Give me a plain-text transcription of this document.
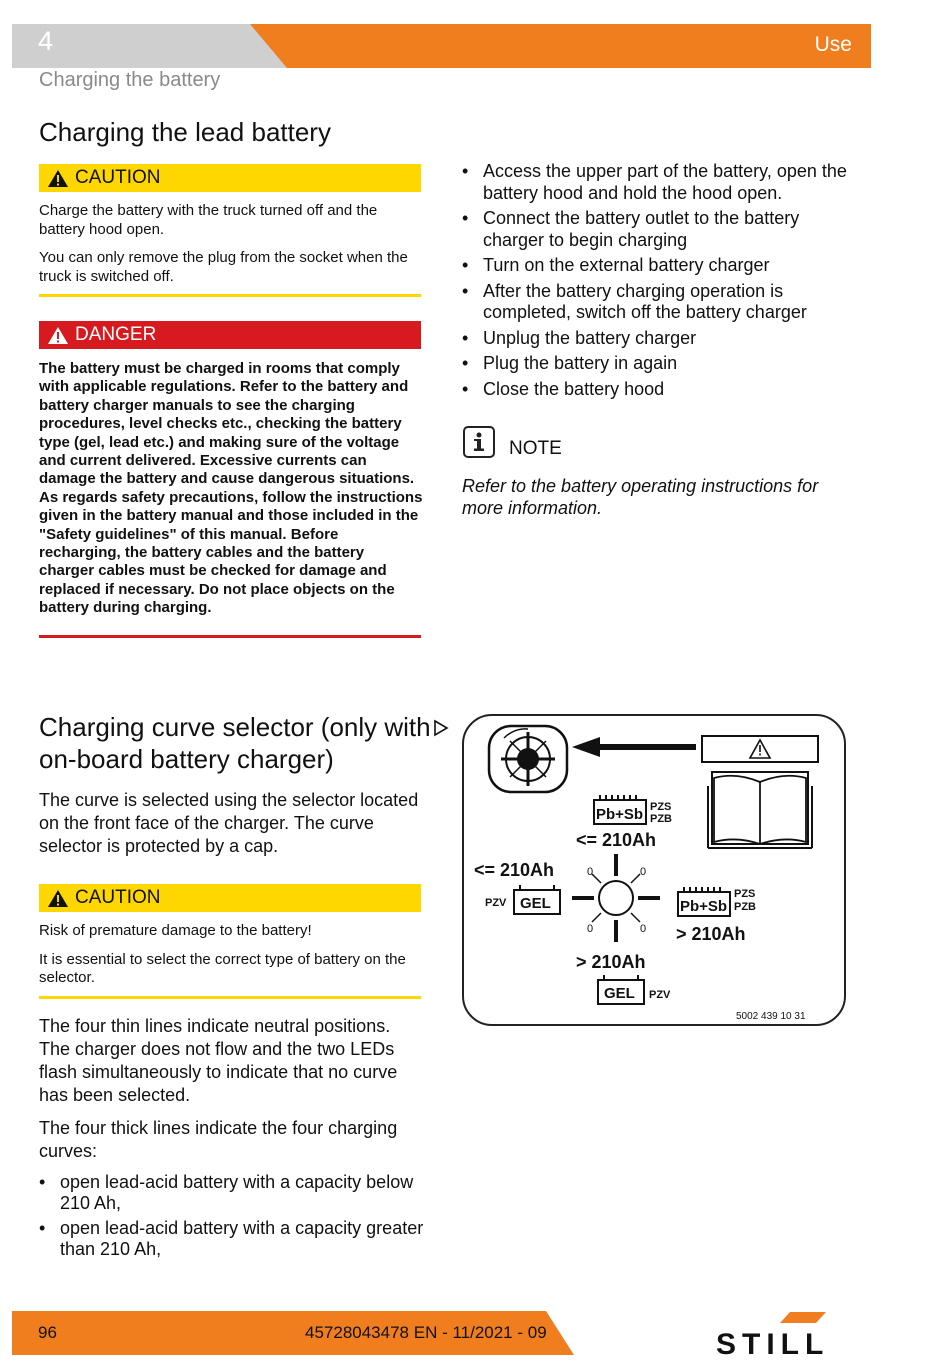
4	Use
Charging the battery
Charging the lead battery
CAUTION

Charge the battery with the truck turned off and the battery hood open.

You can only remove the plug from the socket when the truck is switched off.

DANGER
The battery must be charged in rooms that comply with applicable regulations. Refer to the battery and battery charger manuals to see the charging procedures, level checks etc., checking the battery type (gel, lead etc.) and making sure of the voltage and current delivered. Excessive currents can damage the battery and cause dangerous situations. As regards safety precautions, follow the instructions given in the battery manual and those included in the "Safety guidelines" of this manual. Before recharging, the battery cables and the battery charger cables must be checked for damage and replaced if necessary. Do not place objects on the battery during charging.
• Access the upper part of the battery, open the battery hood and hold the hood open.
• Connect the battery outlet to the battery charger to begin charging
• Turn on the external battery charger
• After the battery charging operation is completed, switch off the battery charger
• Unplug the battery charger
• Plug the battery in again
• Close the battery hood
NOTE
Refer to the battery operating instructions for more information.
Charging curve selector (only with on-board battery charger)

The curve is selected using the selector located on the front face of the charger. The curve selector is protected by a cap.

CAUTION

Risk of premature damage to the battery!

It is essential to select the correct type of battery on the selector.

The four thin lines indicate neutral positions. The charger does not flow and the two LEDs flash simultaneously to indicate that no curve has been selected.

The four thick lines indicate the four charging curves:

• open lead-acid battery with a capacity below 210 Ah,
• open lead-acid battery with a capacity greater than 210 Ah,
Pb+Sb PZS
PZB
<= 210Ah
<= 210Ah
PZV GEL
0	0
0	0
Pb+Sb
PZS
PZB
> 210Ah
> 210Ah
GEL PZV
5002 439 10 31
96	45728043478 EN - 11/2021 - 09	STILL
